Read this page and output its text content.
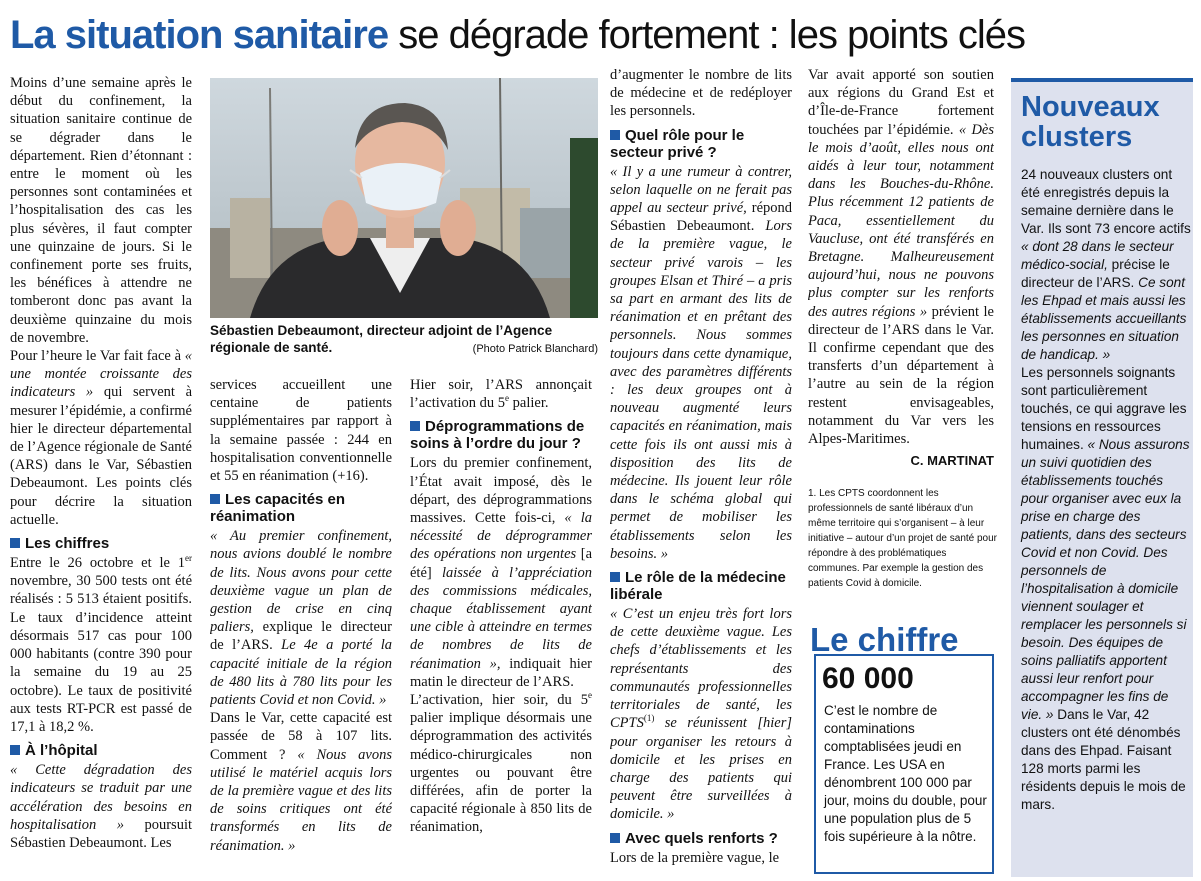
La situation sanitaire se dégrade fortement : les points clés

Moins d’une semaine après le début du confinement, la situation sanitaire continue de se dégrader dans le département. Rien d’étonnant : entre le moment où les personnes sont contaminées et l’hospitalisation des cas les plus sévères, il faut compter une quinzaine de jours. Si le confinement porte ses fruits, les bénéfices à attendre ne tomberont donc pas avant la deuxième quinzaine du mois de novembre.

Pour l’heure le Var fait face à « une montée croissante des indicateurs » qui servent à mesurer l’épidémie, a confirmé hier le directeur départemental de l’Agence régionale de Santé (ARS) dans le Var, Sébastien Debeaumont. Les points clés pour décrire la situation actuelle.

Les chiffres

Entre le 26 octobre et le 1er novembre, 30 500 tests ont été réalisés : 5 513 étaient positifs. Le taux d’incidence atteint désormais 517 cas pour 100 000 habitants (contre 390 pour la semaine du 19 au 25 octobre). Le taux de positivité aux tests RT-PCR est passé de 17,1 à 18,2 %.

À l’hôpital

« Cette dégradation des indicateurs se traduit par une accélération des besoins en hospitalisation » poursuit Sébastien Debeaumont. Les

Sébastien Debeaumont, directeur adjoint de l’Agence régionale de santé.	(Photo Patrick Blanchard)

services accueillent une centaine de patients supplémentaires par rapport à la semaine passée : 244 en hospitalisation conventionnelle et 55 en réanimation (+16).

Les capacités en réanimation

« Au premier confinement, nous avions doublé le nombre de lits. Nous avons pour cette deuxième vague un plan de gestion de crise en cinq paliers, explique le directeur de l’ARS. Le 4e a porté la capacité initiale de la région de 480 lits à 780 lits pour les patients Covid et non Covid. »

Dans le Var, cette capacité est passée de 58 à 107 lits. Comment ? « Nous avons utilisé le matériel acquis lors de la première vague et des lits de soins critiques ont été transformés en lits de réanimation. »

Hier soir, l’ARS annonçait l’activation du 5e palier.

Déprogrammations de soins à l’ordre du jour ?

Lors du premier confinement, l’État avait imposé, dès le départ, des déprogrammations massives. Cette fois-ci, « la nécessité de déprogrammer des opérations non urgentes [a été] laissée à l’appréciation des commissions médicales, chaque établissement ayant une cible à atteindre en termes de nombres de lits de réanimation », indiquait hier matin le directeur de l’ARS.

L’activation, hier soir, du 5e palier implique désormais une déprogrammation des activités médico-chirurgicales non urgentes ou pouvant être différées, afin de porter la capacité régionale à 850 lits de réanimation,

d’augmenter le nombre de lits de médecine et de redéployer les personnels.

Quel rôle pour le secteur privé ?

« Il y a une rumeur à contrer, selon laquelle on ne ferait pas appel au secteur privé, répond Sébastien Debeaumont. Lors de la première vague, le secteur privé varois – les groupes Elsan et Thiré – a pris sa part en armant des lits de réanimation et en prêtant des personnels. Nous sommes toujours dans cette dynamique, avec des paramètres différents : les deux groupes ont à nouveau augmenté leurs capacités en réanimation, mais cette fois ils ont aussi mis à disposition des lits de médecine. Ils jouent leur rôle dans le schéma global qui permet de mobiliser les établissements selon les besoins. »

Le rôle de la médecine libérale

« C’est un enjeu très fort lors de cette deuxième vague. Les chefs d’établissements et les représentants des communautés professionnelles territoriales de santé, les CPTS$^{(1)}$ se réunissent [hier] pour organiser les retours à domicile et les prises en charge des patients qui peuvent être surveillées à domicile. »

Avec quels renforts ?

Lors de la première vague, le

Var avait apporté son soutien aux régions du Grand Est et d’Île-de-France fortement touchées par l’épidémie. « Dès le mois d’août, elles nous ont aidés à leur tour, notamment dans les Bouches-du-Rhône. Plus récemment 12 patients de Paca, essentiellement du Vaucluse, ont été transférés en Bretagne. Malheureusement aujourd’hui, nous ne pouvons plus compter sur les renforts des autres régions » prévient le directeur de l’ARS dans le Var. Il confirme cependant que des transferts d’un département à l’autre au sein de la région restent envisageables, notamment du Var vers les Alpes-Maritimes.

C. MARTINAT
1. Les CPTS coordonnent les professionnels de santé libéraux d’un même territoire qui s’organisent – à leur initiative – autour d’un projet de santé pour répondre à des problématiques communes. Par exemple la gestion des patients Covid à domicile.
Le chiffre
60 000
C’est le nombre de contaminations comptablisées jeudi en France. Les USA en dénombrent 100 000 par jour, moins du double, pour une population plus de 5 fois supérieure à la nôtre.
Nouveaux
clusters
24 nouveaux clusters ont été enregistrés depuis la semaine dernière dans le Var. Ils sont 73 encore actifs « dont 28 dans le secteur médico-social, précise le directeur de l’ARS. Ce sont les Ehpad et mais aussi les établissements accueillants les personnes en situation de handicap. »
Les personnels soignants sont particulièrement touchés, ce qui aggrave les tensions en ressources humaines. « Nous assurons un suivi quotidien des établissements touchés pour organiser avec eux la prise en charge des patients, dans des secteurs Covid et non Covid. Des personnels de l’hospitalisation à domicile viennent soulager et remplacer les personnels si besoin. Des équipes de soins palliatifs apportent aussi leur renfort pour accompagner les fins de vie. » Dans le Var, 42 clusters ont été dénombés dans des Ehpad. Faisant 128 morts parmi les résidents depuis le mois de mars.
